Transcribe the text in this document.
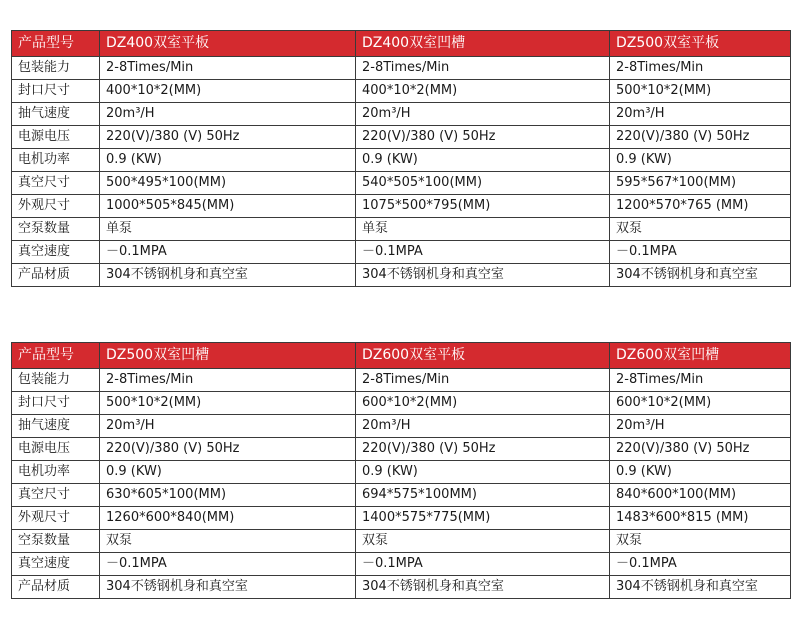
产品型号	DZ400双室平板	DZ400双室凹槽	DZ500双室平板
包装能力	2-8Times/Min	2-8Times/Min	2-8Times/Min
封口尺寸	400*10*2(MM)	400*10*2(MM)	500*10*2(MM)
抽气速度	20m³/H	20m³/H	20m³/H
电源电压	220(V)/380 (V) 50Hz	220(V)/380 (V) 50Hz	220(V)/380 (V) 50Hz
电机功率	0.9 (KW)	0.9 (KW)	0.9 (KW)
真空尺寸	500*495*100(MM)	540*505*100(MM)	595*567*100(MM)
外观尺寸	1000*505*845(MM)	1075*500*795(MM)	1200*570*765 (MM)
空泵数量	单泵	单泵	双泵
真空速度	－0.1MPA	－0.1MPA	－0.1MPA
产品材质	304不锈钢机身和真空室	304不锈钢机身和真空室	304不锈钢机身和真空室
产品型号	DZ500双室凹槽	DZ600双室平板	DZ600双室凹槽
包装能力	2-8Times/Min	2-8Times/Min	2-8Times/Min
封口尺寸	500*10*2(MM)	600*10*2(MM)	600*10*2(MM)
抽气速度	20m³/H	20m³/H	20m³/H
电源电压	220(V)/380 (V) 50Hz	220(V)/380 (V) 50Hz	220(V)/380 (V) 50Hz
电机功率	0.9 (KW)	0.9 (KW)	0.9 (KW)
真空尺寸	630*605*100(MM)	694*575*100MM)	840*600*100(MM)
外观尺寸	1260*600*840(MM)	1400*575*775(MM)	1483*600*815 (MM)
空泵数量	双泵	双泵	双泵
真空速度	－0.1MPA	－0.1MPA	－0.1MPA
产品材质	304不锈钢机身和真空室	304不锈钢机身和真空室	304不锈钢机身和真空室
